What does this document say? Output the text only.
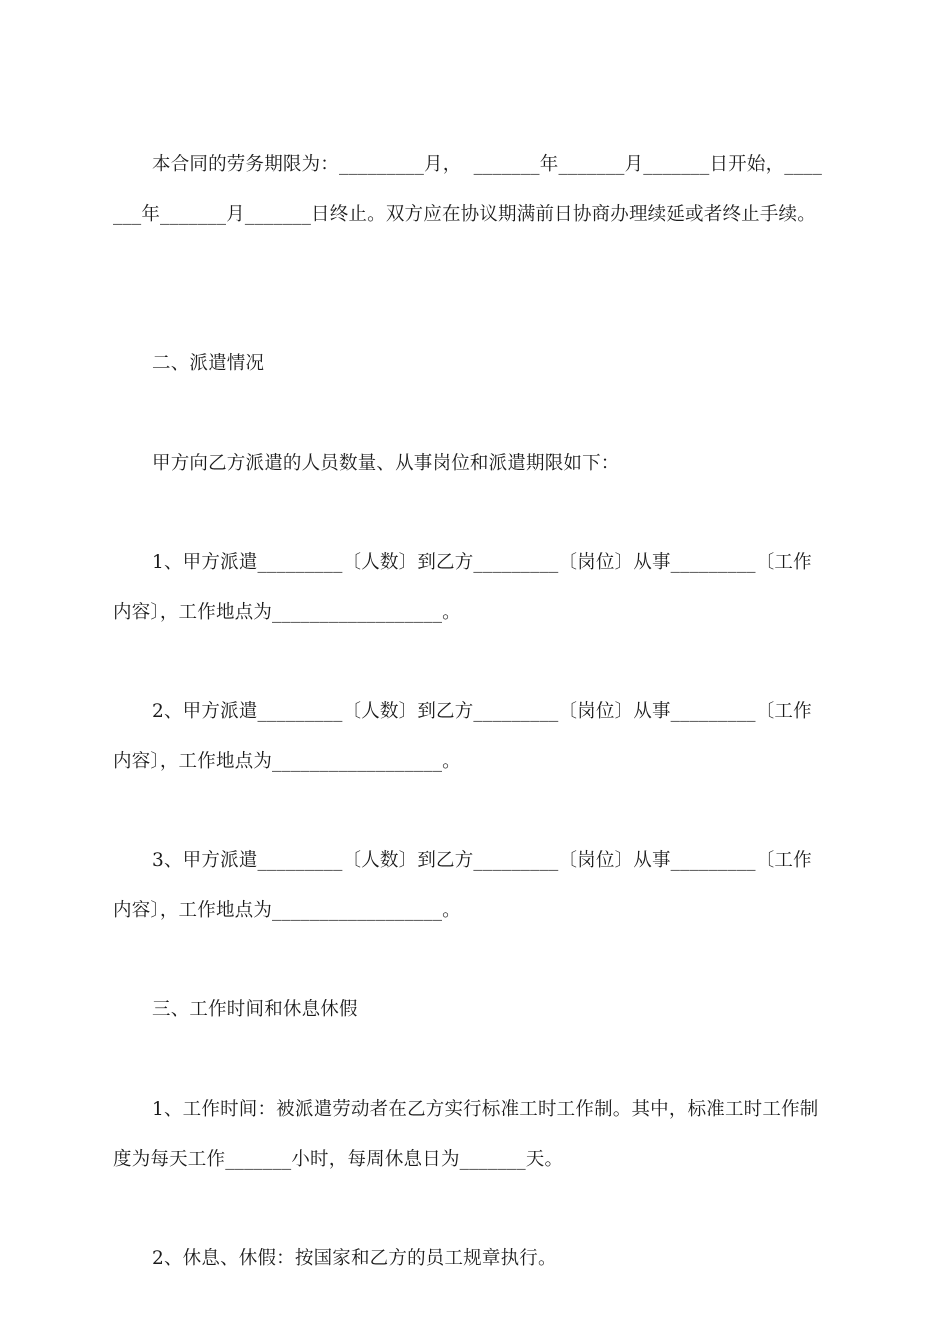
本合同的劳务期限为：_________月，  _______年_______月_______日开始，____
___年_______月_______日终止。双方应在协议期满前日协商办理续延或者终止手续。
二、派遣情况
甲方向乙方派遣的人员数量、从事岗位和派遣期限如下：
1、甲方派遣_________〔人数〕到乙方_________〔岗位〕从事_________〔工作
内容〕，工作地点为__________________。
2、甲方派遣_________〔人数〕到乙方_________〔岗位〕从事_________〔工作
内容〕，工作地点为__________________。
3、甲方派遣_________〔人数〕到乙方_________〔岗位〕从事_________〔工作
内容〕，工作地点为__________________。
三、工作时间和休息休假
1、工作时间：被派遣劳动者在乙方实行标准工时工作制。其中，标准工时工作制
度为每天工作_______小时，每周休息日为_______天。
2、休息、休假：按国家和乙方的员工规章执行。
